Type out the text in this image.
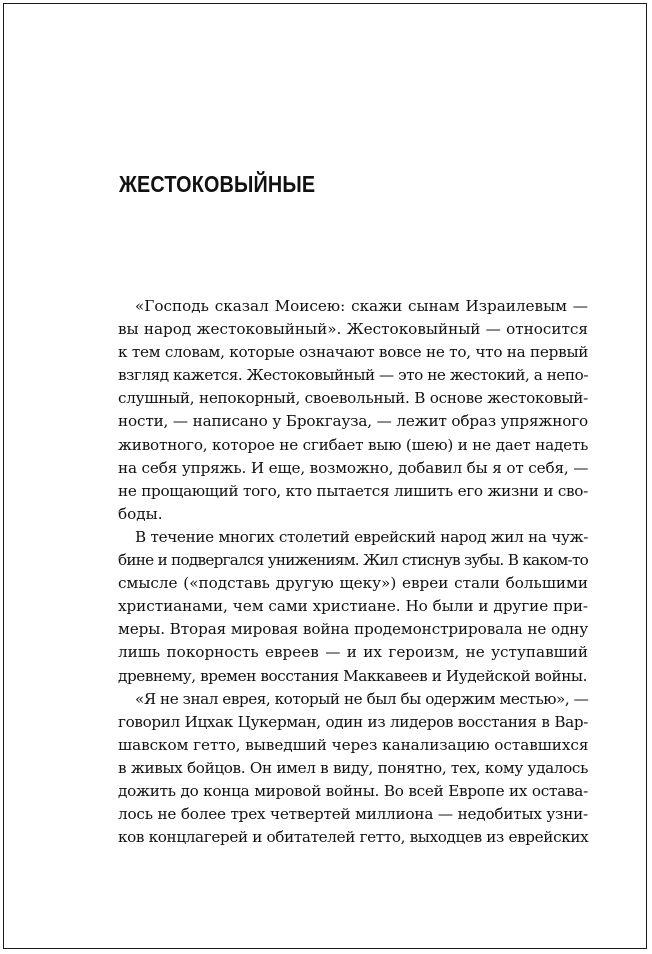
ЖЕСТОКОВЫЙНЫЕ

«Господь сказал Моисею: скажи сынам Израилевым —
вы народ жестоковыйный». Жестоковыйный — относится
к тем словам, которые означают вовсе не то, что на первый
взгляд кажется. Жестоковыйный — это не жестокий, а непо-
слушный, непокорный, своевольный. В основе жестоковый-
ности, — написано у Брокгауза, — лежит образ упряжного
животного, которое не сгибает выю (шею) и не дает надеть
на себя упряжь. И еще, возможно, добавил бы я от себя, —
не прощающий того, кто пытается лишить его жизни и сво-
боды.

В течение многих столетий еврейский народ жил на чуж-
бине и подвергался унижениям. Жил стиснув зубы. В каком-то
смысле («подставь другую щеку») евреи стали большими
христианами, чем сами христиане. Но были и другие при-
меры. Вторая мировая война продемонстрировала не одну
лишь покорность евреев — и их героизм, не уступавший
древнему, времен восстания Маккавеев и Иудейской войны.

«Я не знал еврея, который не был бы одержим местью», —
говорил Ицхак Цукерман, один из лидеров восстания в Вар-
шавском гетто, выведший через канализацию оставшихся
в живых бойцов. Он имел в виду, понятно, тех, кому удалось
дожить до конца мировой войны. Во всей Европе их остава-
лось не более трех четвертей миллиона — недобитых узни-
ков концлагерей и обитателей гетто, выходцев из еврейских
